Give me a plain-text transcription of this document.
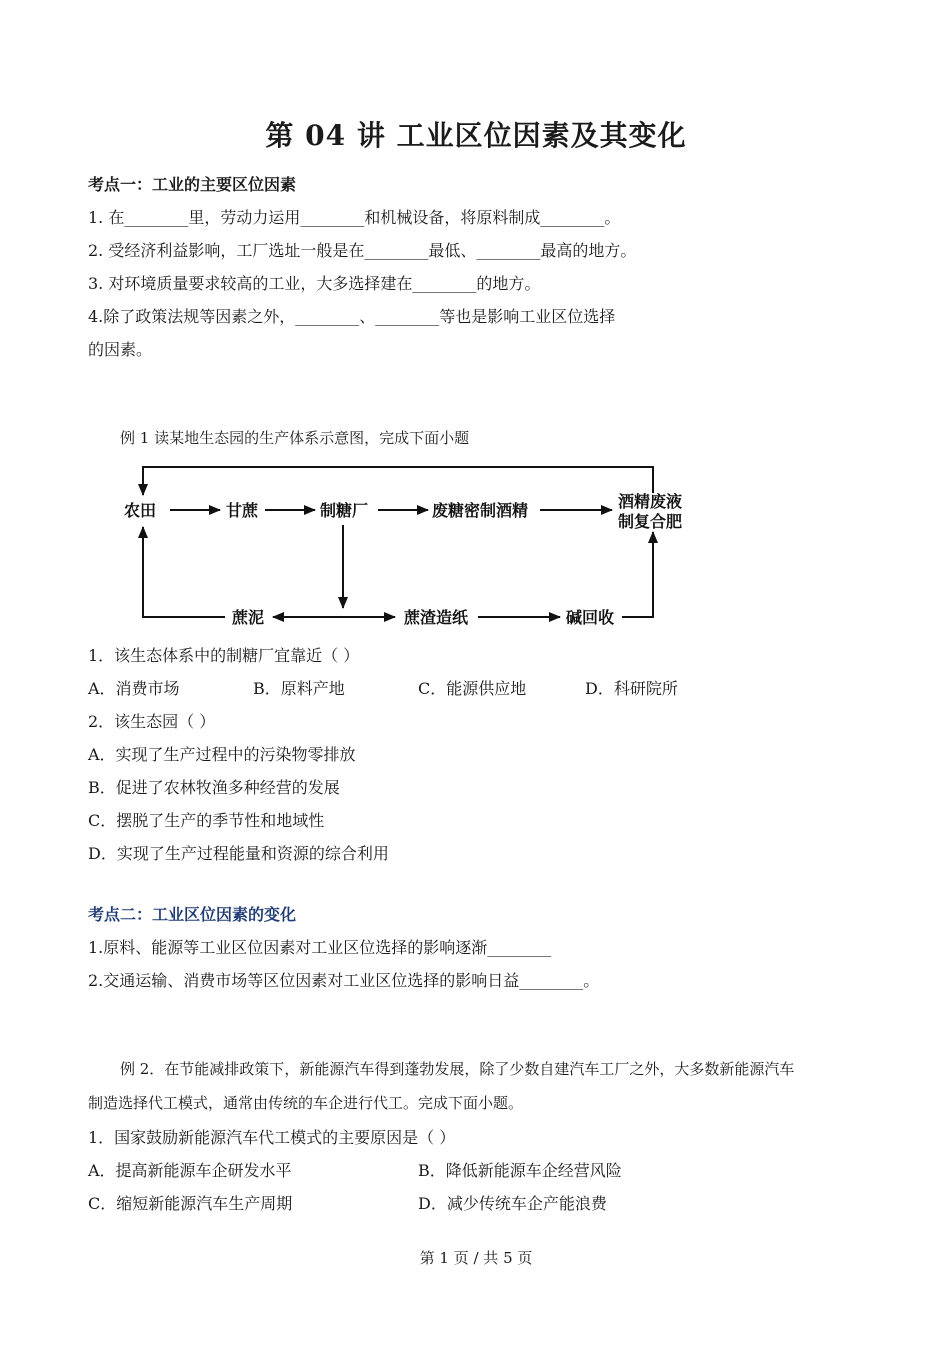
第 04 讲 工业区位因素及其变化
考点一：工业的主要区位因素
1. 在________里，劳动力运用________和机械设备，将原料制成________。
2. 受经济利益影响，工厂选址一般是在________最低、________最高的地方。
3. 对环境质量要求较高的工业，大多选择建在________的地方。
4.除了政策法规等因素之外，________、________等也是影响工业区位选择
的因素。
例 1 读某地生态园的生产体系示意图，完成下面小题
农田	甘蔗	制糖厂	废糖密制酒精	酒精废液
制复合肥
蔗泥	蔗渣造纸	碱回收
1．该生态体系中的制糖厂宜靠近（ ）
A．消费市场	B．原料产地	C．能源供应地	D．科研院所
2．该生态园（ ）
A．实现了生产过程中的污染物零排放
B．促进了农林牧渔多种经营的发展
C．摆脱了生产的季节性和地域性
D．实现了生产过程能量和资源的综合利用
考点二：工业区位因素的变化
1.原料、能源等工业区位因素对工业区位选择的影响逐渐________
2.交通运输、消费市场等区位因素对工业区位选择的影响日益________。
例 2．在节能减排政策下，新能源汽车得到蓬勃发展，除了少数自建汽车工厂之外，大多数新能源汽车
制造选择代工模式，通常由传统的车企进行代工。完成下面小题。
1．国家鼓励新能源汽车代工模式的主要原因是（ ）
A．提高新能源车企研发水平	B．降低新能源车企经营风险
C．缩短新能源汽车生产周期	D．减少传统车企产能浪费
第 1 页 / 共 5 页
